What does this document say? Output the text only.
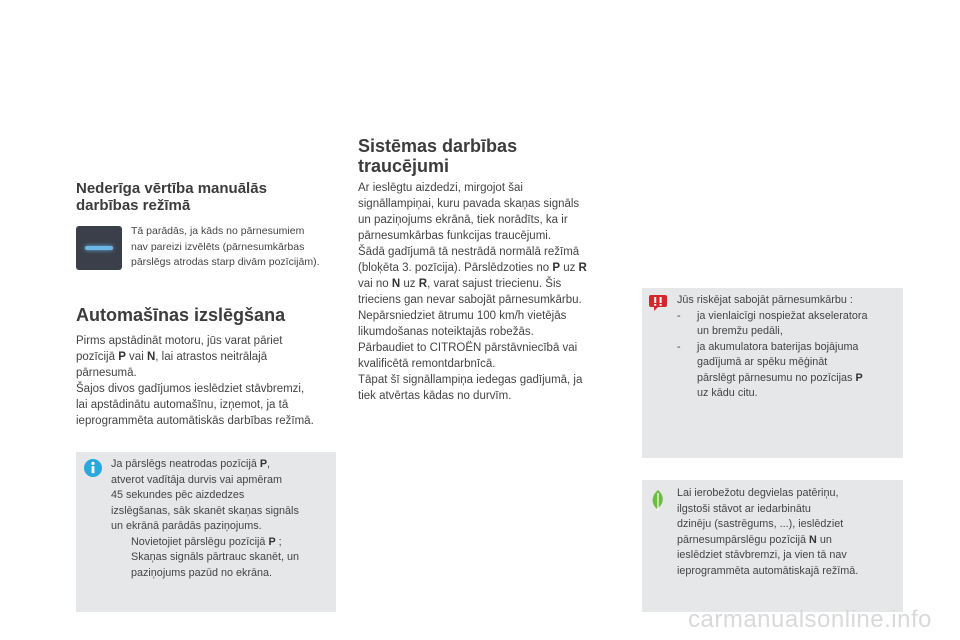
Nederīga vērtība manuālās
darbības režīmā
Tā parādās, ja kāds no pārnesumiem
nav pareizi izvēlēts (pārnesumkārbas
pārslēgs atrodas starp divām pozīcijām).
Automašīnas izslēgšana
Pirms apstādināt motoru, jūs varat pāriet
pozīcijā P vai N, lai atrastos neitrālajā
pārnesumā.
Šajos divos gadījumos ieslēdziet stāvbremzi,
lai apstādinātu automašīnu, izņemot, ja tā
ieprogrammēta automātiskās darbības režīmā.
Ja pārslēgs neatrodas pozīcijā P,
atverot vadītāja durvis vai apmēram
45 sekundes pēc aizdedzes
izslēgšanas, sāk skanēt skaņas signāls
un ekrānā parādās paziņojums.
Novietojiet pārslēgu pozīcijā P ;
Skaņas signāls pārtrauc skanēt, un
paziņojums pazūd no ekrāna.
Sistēmas darbības
traucējumi
Ar ieslēgtu aizdedzi, mirgojot šai
signāllampiņai, kuru pavada skaņas signāls
un paziņojums ekrānā, tiek norādīts, ka ir
pārnesumkārbas funkcijas traucējumi.
Šādā gadījumā tā nestrādā normālā režīmā
(bloķēta 3. pozīcija). Pārslēdzoties no P uz R
vai no N uz R, varat sajust triecienu. Šis
trieciens gan nevar sabojāt pārnesumkārbu.
Nepārsniedziet ātrumu 100 km/h vietējās
likumdošanas noteiktajās robežās.
Pārbaudiet to CITROËN pārstāvniecībā vai
kvalificētā remontdarbnīcā.
Tāpat šī signāllampiņa iedegas gadījumā, ja
tiek atvērtas kādas no durvīm.
Jūs riskējat sabojāt pārnesumkārbu :
-	ja vienlaicīgi nospiežat akseleratora
un bremžu pedāli,
-	ja akumulatora baterijas bojājuma
gadījumā ar spēku mēģināt
pārslēgt pārnesumu no pozīcijas P
uz kādu citu.
Lai ierobežotu degvielas patēriņu,
ilgstoši stāvot ar iedarbinātu
dzinēju (sastrēgums, ...), ieslēdziet
pārnesumpārslēgu pozīcijā N un
ieslēdziet stāvbremzi, ja vien tā nav
ieprogrammēta automātiskajā režīmā.
carmanualsonline.info
